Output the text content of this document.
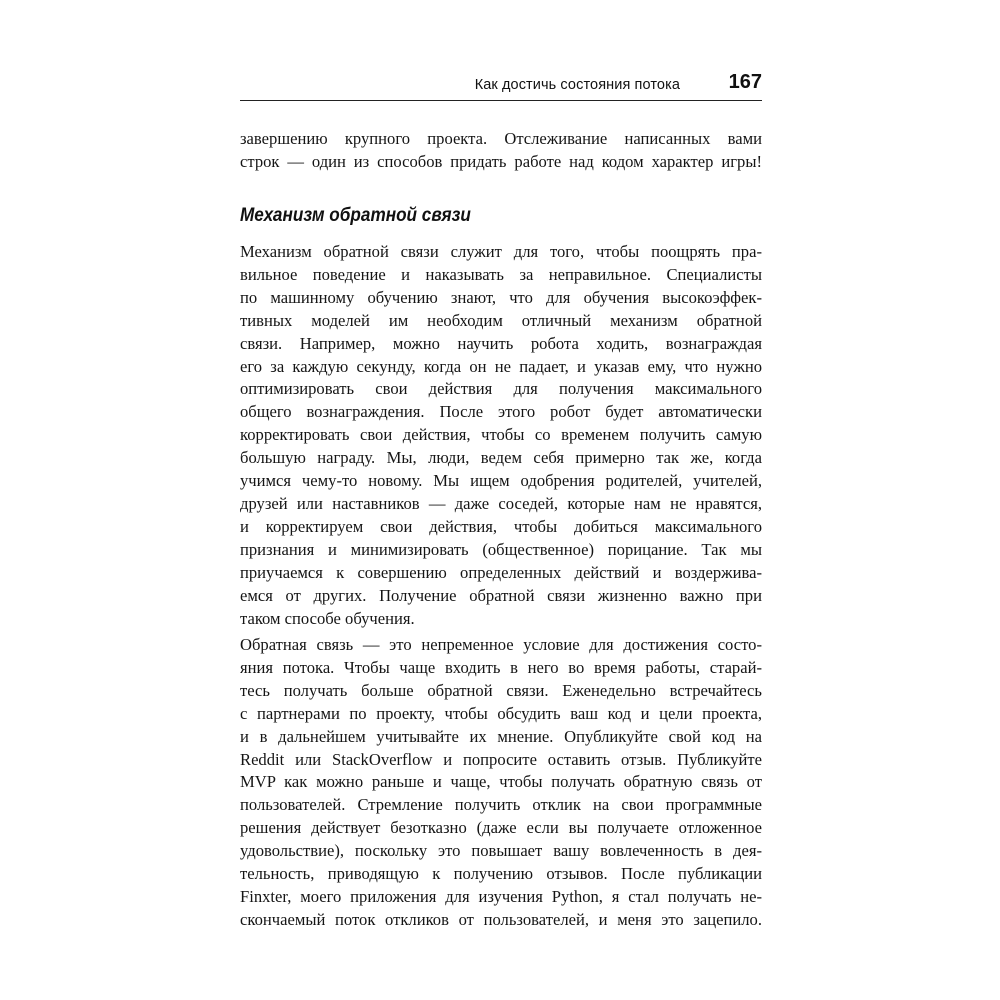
Как достичь состояния потока 167
завершению крупного проекта. Отслеживание написанных вами
строк — один из способов придать работе над кодом характер игры!
Механизм обратной связи
Механизм обратной связи служит для того, чтобы поощрять пра-
вильное поведение и наказывать за неправильное. Специалисты
по машинному обучению знают, что для обучения высокоэффек-
тивных моделей им необходим отличный механизм обратной
связи. Например, можно научить робота ходить, вознаграждая
его за каждую секунду, когда он не падает, и указав ему, что нужно
оптимизировать свои действия для получения максимального
общего вознаграждения. После этого робот будет автоматически
корректировать свои действия, чтобы со временем получить самую
большую награду. Мы, люди, ведем себя примерно так же, когда
учимся чему-то новому. Мы ищем одобрения родителей, учителей,
друзей или наставников — даже соседей, которые нам не нравятся,
и корректируем свои действия, чтобы добиться максимального
признания и минимизировать (общественное) порицание. Так мы
приучаемся к совершению определенных действий и воздержива-
емся от других. Получение обратной связи жизненно важно при
таком способе обучения.
Обратная связь — это непременное условие для достижения состо-
яния потока. Чтобы чаще входить в него во время работы, старай-
тесь получать больше обратной связи. Еженедельно встречайтесь
с партнерами по проекту, чтобы обсудить ваш код и цели проекта,
и в дальнейшем учитывайте их мнение. Опубликуйте свой код на
Reddit или StackOverflow и попросите оставить отзыв. Публикуйте
MVP как можно раньше и чаще, чтобы получать обратную связь от
пользователей. Стремление получить отклик на свои программные
решения действует безотказно (даже если вы получаете отложенное
удовольствие), поскольку это повышает вашу вовлеченность в дея-
тельность, приводящую к получению отзывов. После публикации
Finxter, моего приложения для изучения Python, я стал получать не-
скончаемый поток откликов от пользователей, и меня это зацепило.
